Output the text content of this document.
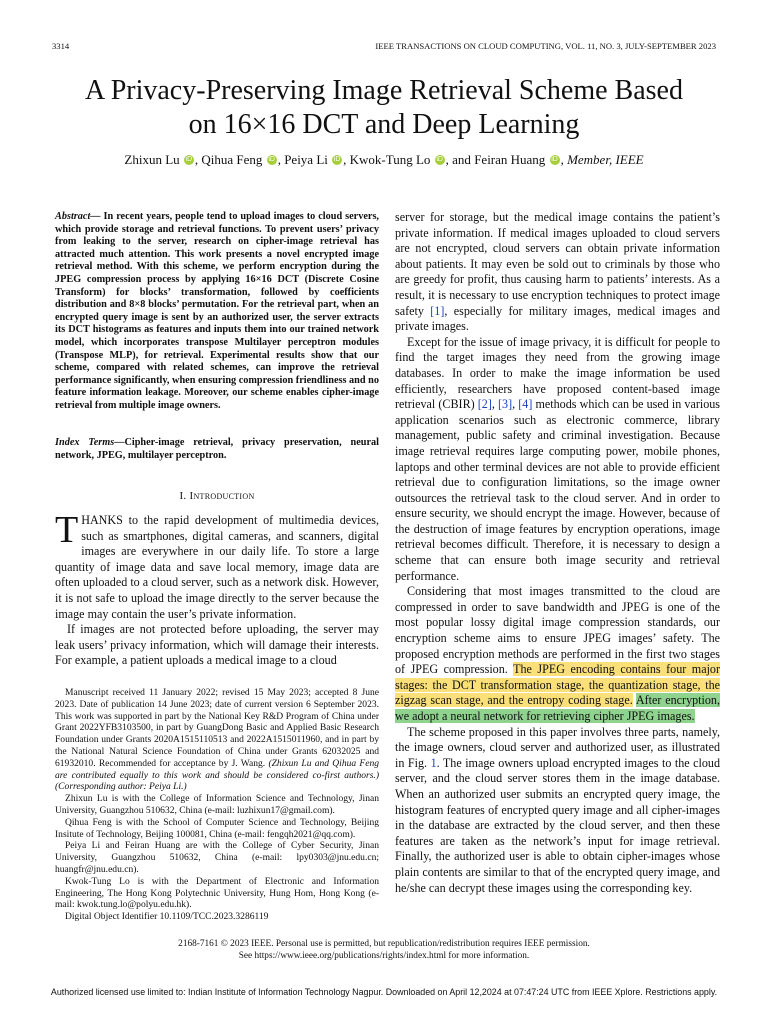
3314	IEEE TRANSACTIONS ON CLOUD COMPUTING, VOL. 11, NO. 3, JULY-SEPTEMBER 2023
A Privacy-Preserving Image Retrieval Scheme Based
on 16×16 DCT and Deep Learning
Zhixun Lu iD , Qihua Feng iD , Peiya Li iD , Kwok-Tung Lo iD , and Feiran Huang iD , Member, IEEE
Abstract— In recent years, people tend to upload images to cloud servers, which provide storage and retrieval functions. To prevent users’ privacy from leaking to the server, research on cipher-image retrieval has attracted much attention. This work presents a novel encrypted image retrieval method. With this scheme, we perform encryption during the JPEG compression process by applying 16×16 DCT (Discrete Cosine Transform) for blocks’ transformation, followed by coefficients distribution and 8×8 blocks’ permutation. For the retrieval part, when an encrypted query image is sent by an authorized user, the server extracts its DCT histograms as features and inputs them into our trained network model, which incorporates transpose Multilayer perceptron modules (Transpose MLP), for retrieval. Experimental results show that our scheme, compared with related schemes, can improve the retrieval performance significantly, when ensuring compression friendliness and no feature information leakage. Moreover, our scheme enables cipher-image retrieval from multiple image owners.
Index Terms—Cipher-image retrieval, privacy preservation, neural network, JPEG, multilayer perceptron.
I. Introduction

THANKS to the rapid development of multimedia devices, such as smartphones, digital cameras, and scanners, digital images are everywhere in our daily life. To store a large quantity of image data and save local memory, image data are often uploaded to a cloud server, such as a network disk. However, it is not safe to upload the image directly to the server because the image may contain the user’s private information.

If images are not protected before uploading, the server may leak users’ privacy information, which will damage their interests. For example, a patient uploads a medical image to a cloud

Manuscript received 11 January 2022; revised 15 May 2023; accepted 8 June 2023. Date of publication 14 June 2023; date of current version 6 September 2023. This work was supported in part by the National Key R&D Program of China under Grant 2022YFB3103500, in part by GuangDong Basic and Applied Basic Research Foundation under Grants 2020A1515110513 and 2022A1515011960, and in part by the National Natural Science Foundation of China under Grants 62032025 and 61932010. Recommended for acceptance by J. Wang. (Zhixun Lu and Qihua Feng are contributed equally to this work and should be considered co-first authors.) (Corresponding author: Peiya Li.)

Zhixun Lu is with the College of Information Science and Technology, Jinan University, Guangzhou 510632, China (e-mail: luzhixun17@gmail.com).

Qihua Feng is with the School of Computer Science and Technology, Beijing Insitute of Technology, Beijing 100081, China (e-mail: fengqh2021@qq.com).

Peiya Li and Feiran Huang are with the College of Cyber Security, Jinan University, Guangzhou 510632, China (e-mail: lpy0303@jnu.edu.cn; huangfr@jnu.edu.cn).

Kwok-Tung Lo is with the Department of Electronic and Information Engineering, The Hong Kong Polytechnic University, Hung Hom, Hong Kong (e-mail: kwok.tung.lo@polyu.edu.hk).

Digital Object Identifier 10.1109/TCC.2023.3286119

server for storage, but the medical image contains the patient’s private information. If medical images uploaded to cloud servers are not encrypted, cloud servers can obtain private information about patients. It may even be sold out to criminals by those who are greedy for profit, thus causing harm to patients’ interests. As a result, it is necessary to use encryption techniques to protect image safety [1], especially for military images, medical images and private images.

Except for the issue of image privacy, it is difficult for people to find the target images they need from the growing image databases. In order to make the image information be used efficiently, researchers have proposed content-based image retrieval (CBIR) [2], [3], [4] methods which can be used in various application scenarios such as electronic commerce, library management, public safety and criminal investigation. Because image retrieval requires large computing power, mobile phones, laptops and other terminal devices are not able to provide efficient retrieval due to configuration limitations, so the image owner outsources the retrieval task to the cloud server. And in order to ensure security, we should encrypt the image. However, because of the destruction of image features by encryption operations, image retrieval becomes difficult. Therefore, it is necessary to design a scheme that can ensure both image security and retrieval performance.

Considering that most images transmitted to the cloud are compressed in order to save bandwidth and JPEG is one of the most popular lossy digital image compression standards, our encryption scheme aims to ensure JPEG images’ safety. The proposed encryption methods are performed in the first two stages of JPEG compression. The JPEG encoding contains four major stages: the DCT transformation stage, the quantization stage, the zigzag scan stage, and the entropy coding stage. After encryption, we adopt a neural network for retrieving cipher JPEG images.

The scheme proposed in this paper involves three parts, namely, the image owners, cloud server and authorized user, as illustrated in Fig. 1. The image owners upload encrypted images to the cloud server, and the cloud server stores them in the image database. When an authorized user submits an encrypted query image, the histogram features of encrypted query image and all cipher-images in the database are extracted by the cloud server, and then these features are taken as the network’s input for image retrieval. Finally, the authorized user is able to obtain cipher-images whose plain contents are similar to that of the encrypted query image, and he/she can decrypt these images using the corresponding key.

2168-7161 © 2023 IEEE. Personal use is permitted, but republication/redistribution requires IEEE permission.
See https://www.ieee.org/publications/rights/index.html for more information.
Authorized licensed use limited to: Indian Institute of Information Technology Nagpur. Downloaded on April 12,2024 at 07:47:24 UTC from IEEE Xplore. Restrictions apply.
